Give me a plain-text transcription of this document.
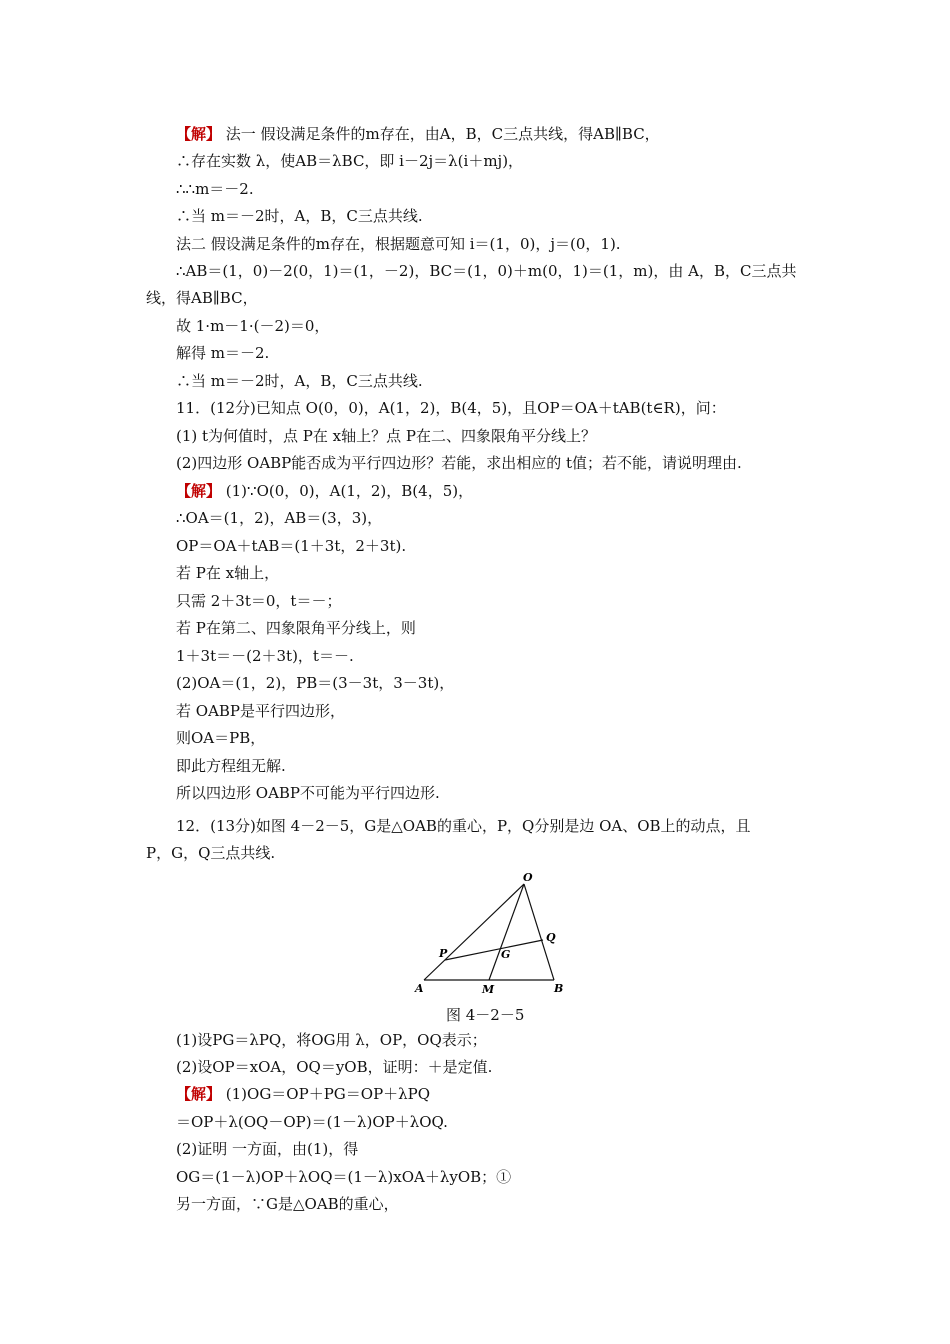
【解】 法一 假设满足条件的m存在，由A，B，C三点共线，得AB∥BC，
∴存在实数 λ，使AB＝λBC，即 i－2j＝λ(i＋mj)，
∴∴m＝－2.
∴当 m＝－2时，A，B，C三点共线.
法二 假设满足条件的m存在，根据题意可知 i＝(1，0)，j＝(0，1).
∴AB＝(1，0)－2(0，1)＝(1，－2)，BC＝(1，0)＋m(0，1)＝(1，m)，由 A，B，C三点共
线，得AB∥BC，
故 1·m－1·(－2)＝0，
解得 m＝－2.
∴当 m＝－2时，A，B，C三点共线.
11．(12分)已知点 O(0，0)，A(1，2)，B(4，5)，且OP＝OA＋tAB(t∈R)，问：
(1) t为何值时，点 P在 x轴上？点 P在二、四象限角平分线上？
(2)四边形 OABP能否成为平行四边形？若能，求出相应的 t值；若不能，请说明理由.
【解】 (1)∵O(0，0)，A(1，2)，B(4，5)，
∴OA＝(1，2)，AB＝(3，3)，
OP＝OA＋tAB＝(1＋3t，2＋3t).
若 P在 x轴上，
只需 2＋3t＝0，t＝－；
若 P在第二、四象限角平分线上，则
1＋3t＝－(2＋3t)，t＝－.
(2)OA＝(1，2)，PB＝(3－3t，3－3t)，
若 OABP是平行四边形，
则OA＝PB，
即此方程组无解.
所以四边形 OABP不可能为平行四边形.
12．(13分)如图 4－2－5，G是△OAB的重心，P，Q分别是边 OA、OB上的动点，且
P，G，Q三点共线.
O
A	B
P
Q
G
M
图 4－2－5
(1)设PG＝λPQ，将OG用 λ，OP，OQ表示；
(2)设OP＝xOA，OQ＝yOB，证明：＋是定值.
【解】 (1)OG＝OP＋PG＝OP＋λPQ
＝OP＋λ(OQ－OP)＝(1－λ)OP＋λOQ.
(2)证明 一方面，由(1)，得
OG＝(1－λ)OP＋λOQ＝(1－λ)xOA＋λyOB；①
另一方面，∵G是△OAB的重心，
